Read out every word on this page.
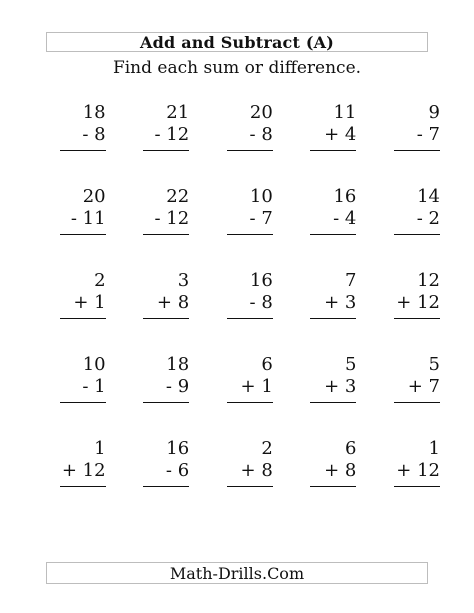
Add and Subtract (A)
Find each sum or difference.
18
- 8
21
- 12
20
- 8
11
+ 4
9
- 7
20
- 11
22
- 12
10
- 7
16
- 4
14
- 2
2
+ 1
3
+ 8
16
- 8
7
+ 3
12
+ 12
10
- 1
18
- 9
6
+ 1
5
+ 3
5
+ 7
1
+ 12
16
- 6
2
+ 8
6
+ 8
1
+ 12
Math-Drills.Com
